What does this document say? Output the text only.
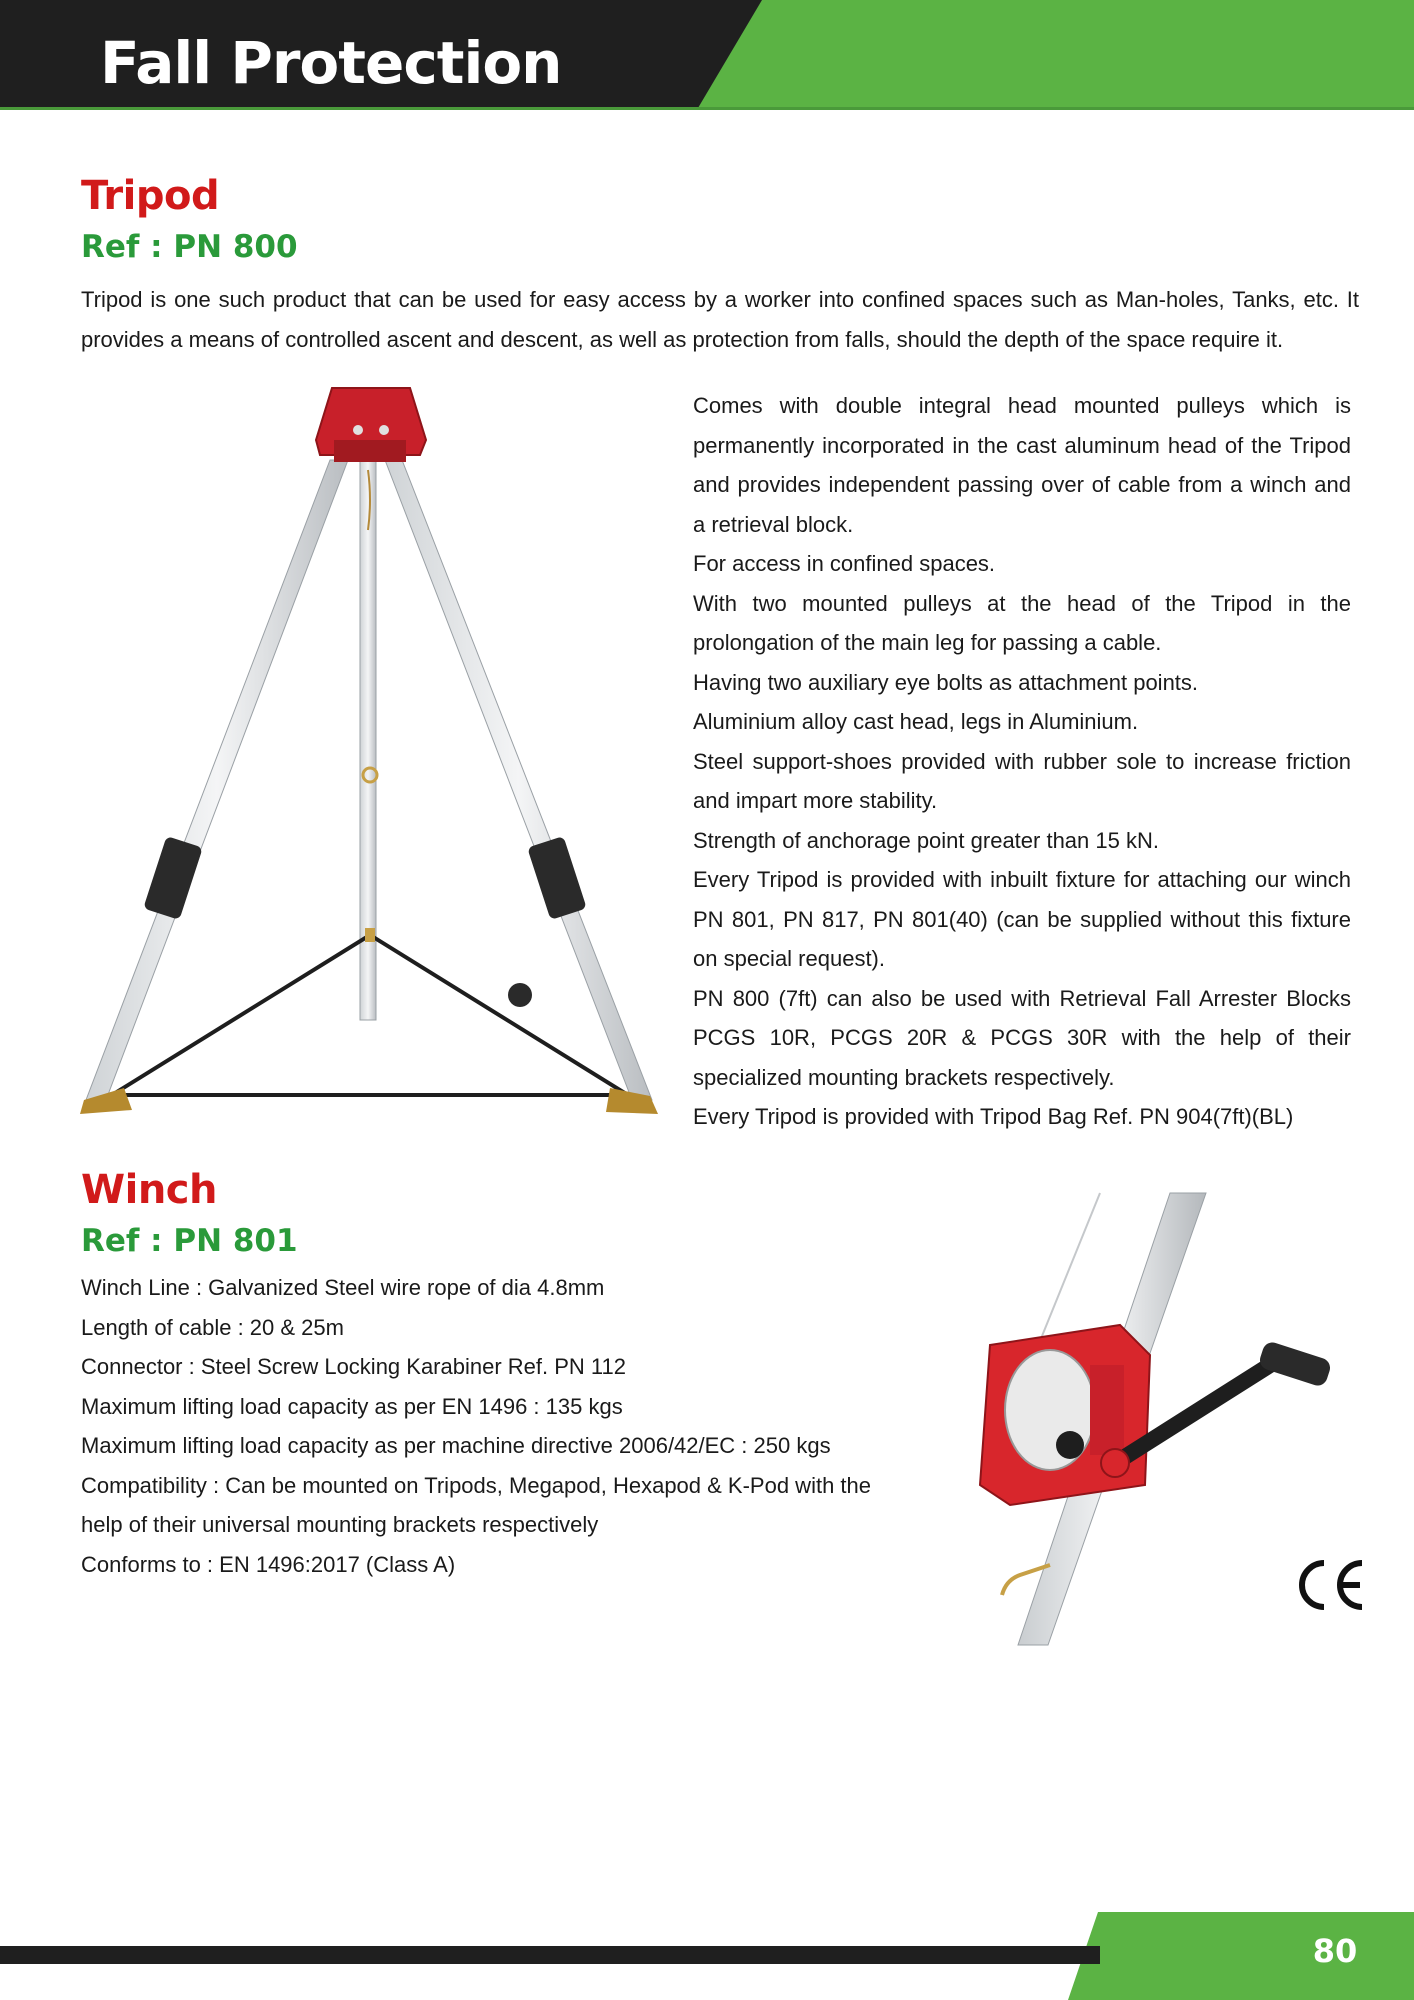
Fall Protection
Tripod
Ref : PN 800

Tripod is one such product that can be used for easy access by a worker into confined spaces such as Man-holes, Tanks, etc. It provides a means of controlled ascent and descent, as well as protection from falls, should the depth of the space require it.

Comes with double integral head mounted pulleys which is permanently incorporated in the cast aluminum head of the Tripod and provides independent passing over of cable from a winch and a retrieval block.

For access in confined spaces.

With two mounted pulleys at the head of the Tripod in the prolongation of the main leg for passing a cable.

Having two auxiliary eye bolts as attachment points.

Aluminium alloy cast head, legs in Aluminium.

Steel support-shoes provided with rubber sole to increase friction and impart more stability.

Strength of anchorage point greater than 15 kN.

Every Tripod is provided with inbuilt fixture for attaching our winch PN 801, PN 817, PN 801(40) (can be supplied without this fixture on special request).

PN 800 (7ft) can also be used with Retrieval Fall Arrester Blocks PCGS 10R, PCGS 20R & PCGS 30R with the help of their specialized mounting brackets respectively.

Every Tripod is provided with Tripod Bag Ref. PN 904(7ft)(BL)

Winch
Ref : PN 801

Winch Line : Galvanized Steel wire rope of dia 4.8mm

Length of cable : 20 & 25m

Connector : Steel Screw Locking Karabiner Ref. PN 112

Maximum lifting load capacity as per EN 1496 : 135 kgs

Maximum lifting load capacity as per machine directive 2006/42/EC : 250 kgs

Compatibility : Can be mounted on Tripods, Megapod, Hexapod & K-Pod with the help of their universal mounting brackets respectively

Conforms to : EN 1496:2017 (Class A)

80
